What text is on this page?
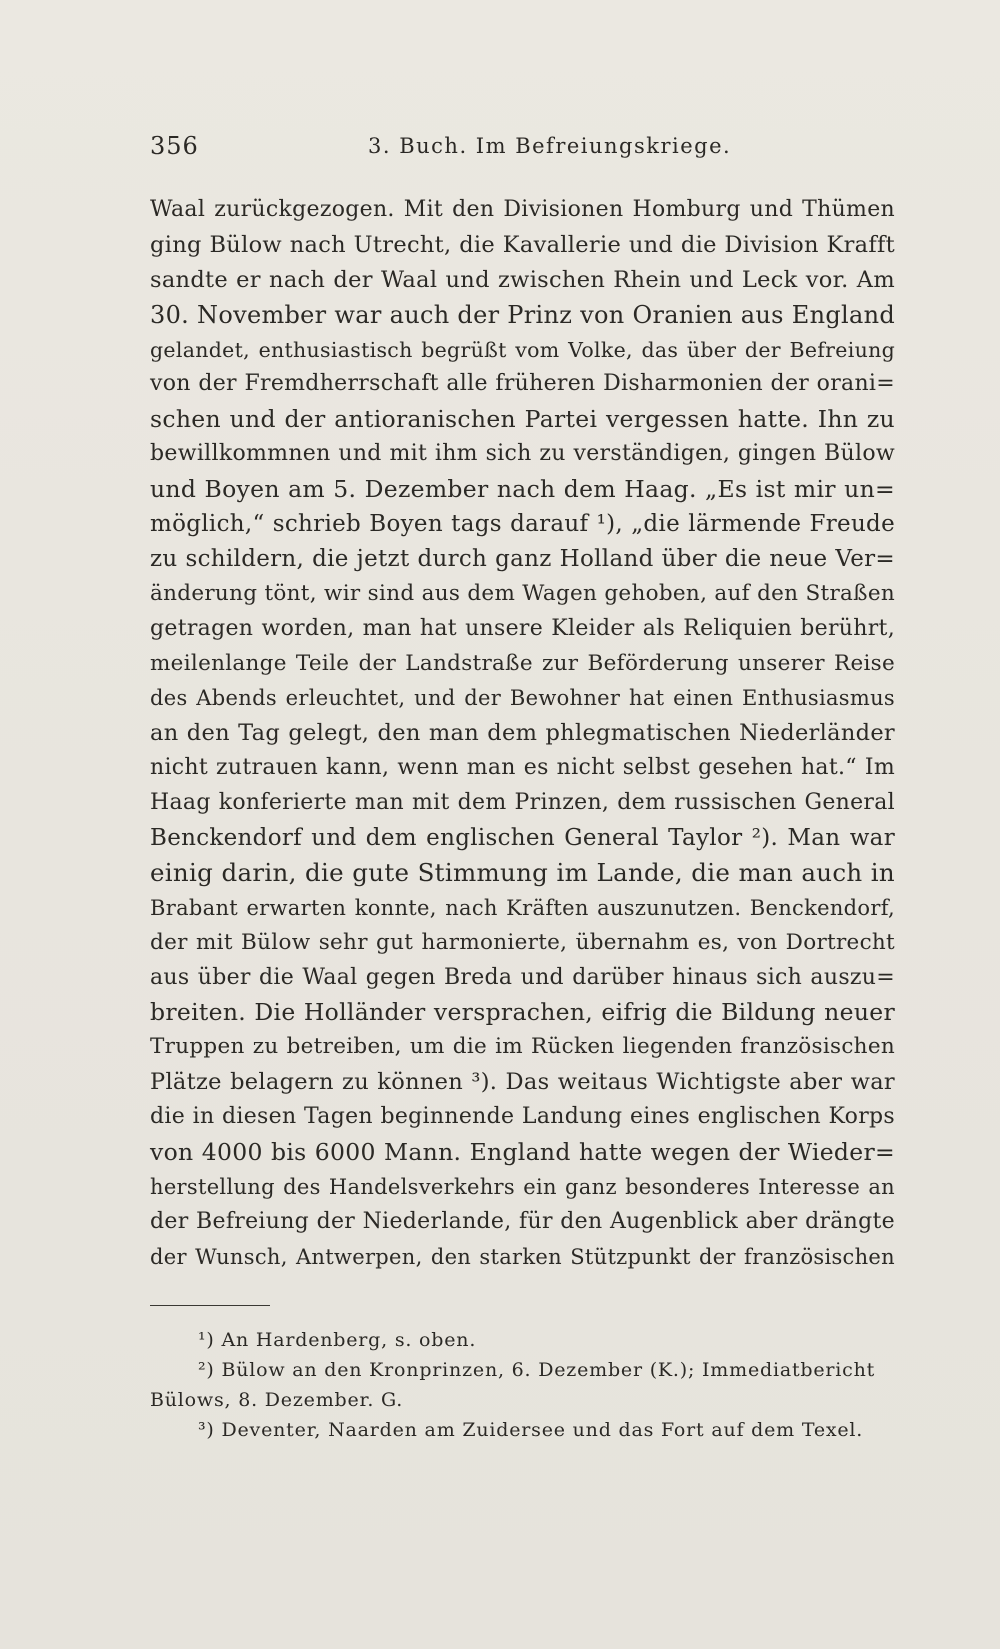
356	3. Buch. Im Befreiungskriege.
Waal zurückgezogen. Mit den Divisionen Homburg und Thümen
ging Bülow nach Utrecht, die Kavallerie und die Division Krafft
sandte er nach der Waal und zwischen Rhein und Leck vor. Am
30. November war auch der Prinz von Oranien aus England
gelandet, enthusiastisch begrüßt vom Volke, das über der Befreiung
von der Fremdherrschaft alle früheren Disharmonien der orani=
schen und der antioranischen Partei vergessen hatte. Ihn zu
bewillkommnen und mit ihm sich zu verständigen, gingen Bülow
und Boyen am 5. Dezember nach dem Haag. „Es ist mir un=
möglich,“ schrieb Boyen tags darauf ¹), „die lärmende Freude
zu schildern, die jetzt durch ganz Holland über die neue Ver=
änderung tönt, wir sind aus dem Wagen gehoben, auf den Straßen
getragen worden, man hat unsere Kleider als Reliquien berührt,
meilenlange Teile der Landstraße zur Beförderung unserer Reise
des Abends erleuchtet, und der Bewohner hat einen Enthusiasmus
an den Tag gelegt, den man dem phlegmatischen Niederländer
nicht zutrauen kann, wenn man es nicht selbst gesehen hat.“ Im
Haag konferierte man mit dem Prinzen, dem russischen General
Benckendorf und dem englischen General Taylor ²). Man war
einig darin, die gute Stimmung im Lande, die man auch in
Brabant erwarten konnte, nach Kräften auszunutzen. Benckendorf,
der mit Bülow sehr gut harmonierte, übernahm es, von Dortrecht
aus über die Waal gegen Breda und darüber hinaus sich auszu=
breiten. Die Holländer versprachen, eifrig die Bildung neuer
Truppen zu betreiben, um die im Rücken liegenden französischen
Plätze belagern zu können ³). Das weitaus Wichtigste aber war
die in diesen Tagen beginnende Landung eines englischen Korps
von 4000 bis 6000 Mann. England hatte wegen der Wieder=
herstellung des Handelsverkehrs ein ganz besonderes Interesse an
der Befreiung der Niederlande, für den Augenblick aber drängte
der Wunsch, Antwerpen, den starken Stützpunkt der französischen
¹) An Hardenberg, s. oben.
²) Bülow an den Kronprinzen, 6. Dezember (K.); Immediatbericht
Bülows, 8. Dezember. G.
³) Deventer, Naarden am Zuidersee und das Fort auf dem Texel.
